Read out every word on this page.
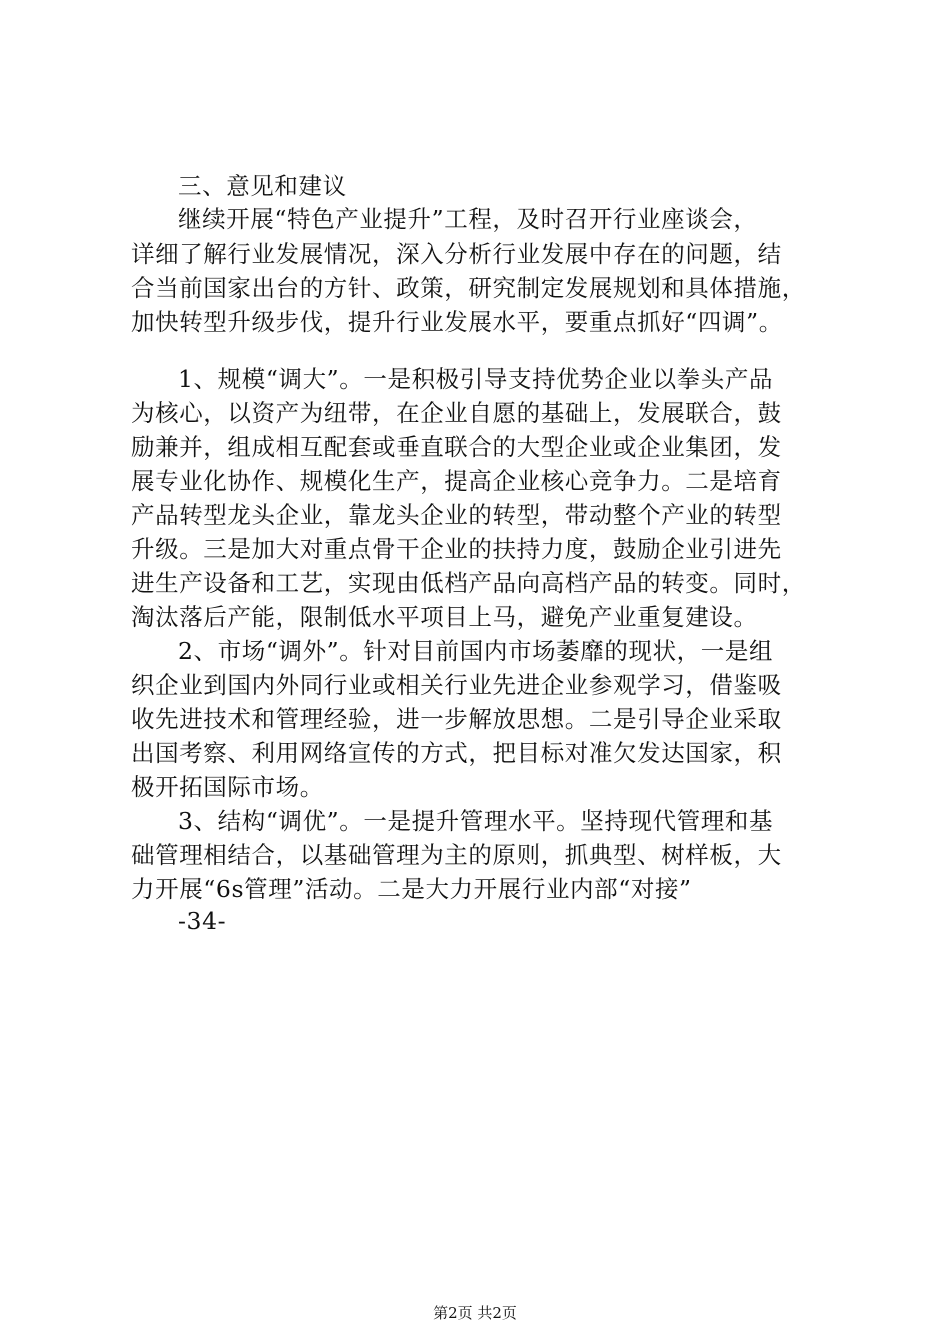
三、意见和建议
继续开展“特色产业提升”工程，及时召开行业座谈会，
详细了解行业发展情况，深入分析行业发展中存在的问题，结
合当前国家出台的方针、政策，研究制定发展规划和具体措施，
加快转型升级步伐，提升行业发展水平，要重点抓好“四调”。
1、规模“调大”。一是积极引导支持优势企业以拳头产品
为核心，以资产为纽带，在企业自愿的基础上，发展联合，鼓
励兼并，组成相互配套或垂直联合的大型企业或企业集团，发
展专业化协作、规模化生产，提高企业核心竞争力。二是培育
产品转型龙头企业，靠龙头企业的转型，带动整个产业的转型
升级。三是加大对重点骨干企业的扶持力度，鼓励企业引进先
进生产设备和工艺，实现由低档产品向高档产品的转变。同时，
淘汰落后产能，限制低水平项目上马，避免产业重复建设。
2、市场“调外”。针对目前国内市场萎靡的现状，一是组
织企业到国内外同行业或相关行业先进企业参观学习，借鉴吸
收先进技术和管理经验，进一步解放思想。二是引导企业采取
出国考察、利用网络宣传的方式，把目标对准欠发达国家，积
极开拓国际市场。
3、结构“调优”。一是提升管理水平。坚持现代管理和基
础管理相结合，以基础管理为主的原则，抓典型、树样板，大
力开展“6s管理”活动。二是大力开展行业内部“对接”
-34-
第2页 共2页
